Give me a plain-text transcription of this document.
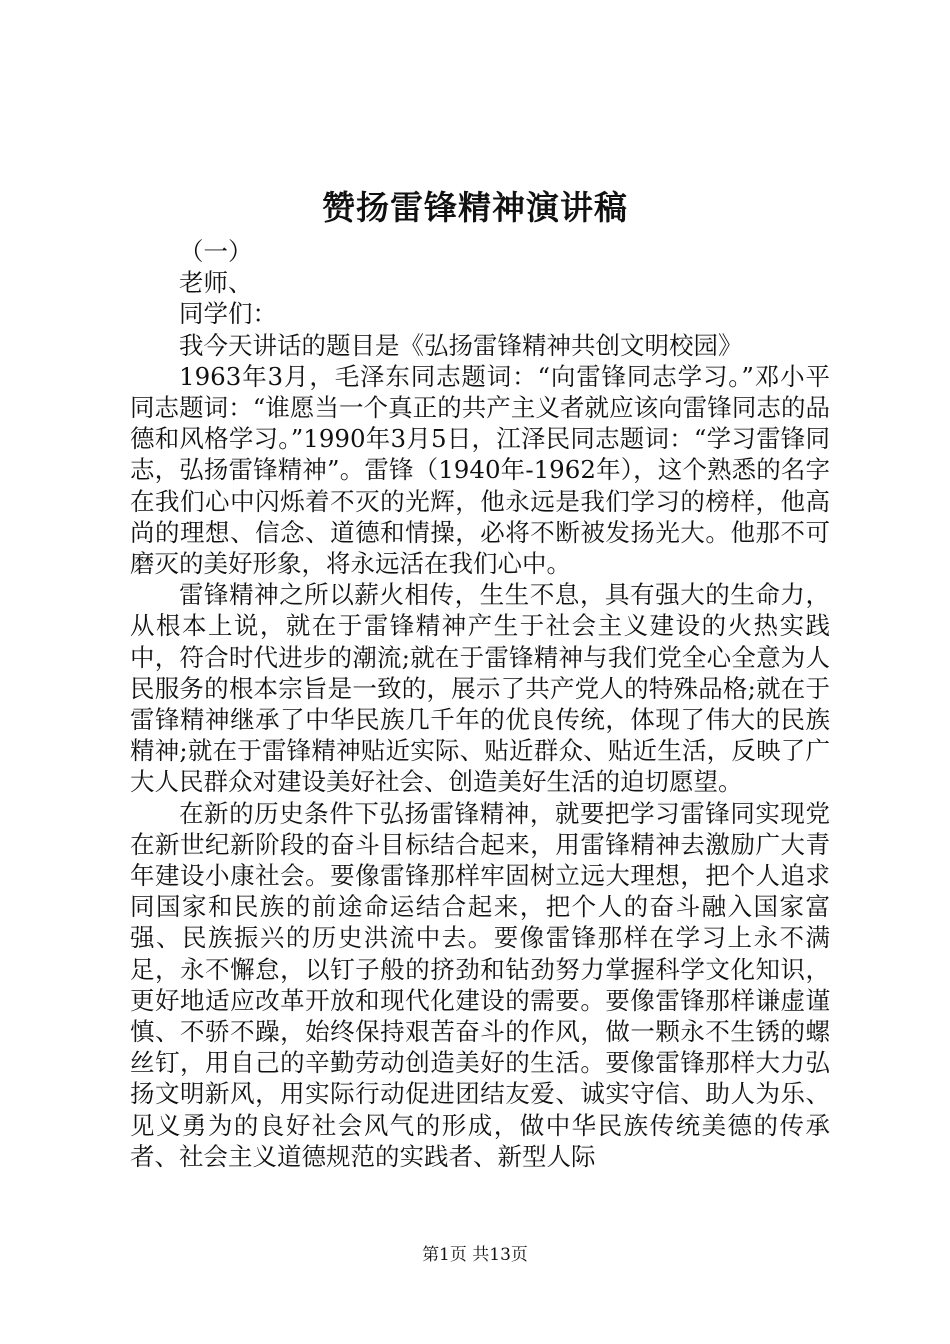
赞扬雷锋精神演讲稿

（一）

老师、

同学们：

我今天讲话的题目是《弘扬雷锋精神共创文明校园》

1963年3月，毛泽东同志题词：“向雷锋同志学习。”邓小平同志题词：“谁愿当一个真正的共产主义者就应该向雷锋同志的品德和风格学习。”1990年3月5日，江泽民同志题词：“学习雷锋同志，弘扬雷锋精神”。雷锋（1940年-1962年），这个熟悉的名字在我们心中闪烁着不灭的光辉，他永远是我们学习的榜样，他高尚的理想、信念、道德和情操，必将不断被发扬光大。他那不可磨灭的美好形象，将永远活在我们心中。

雷锋精神之所以薪火相传，生生不息，具有强大的生命力，从根本上说，就在于雷锋精神产生于社会主义建设的火热实践中，符合时代进步的潮流;就在于雷锋精神与我们党全心全意为人民服务的根本宗旨是一致的，展示了共产党人的特殊品格;就在于雷锋精神继承了中华民族几千年的优良传统，体现了伟大的民族精神;就在于雷锋精神贴近实际、贴近群众、贴近生活，反映了广大人民群众对建设美好社会、创造美好生活的迫切愿望。

在新的历史条件下弘扬雷锋精神，就要把学习雷锋同实现党在新世纪新阶段的奋斗目标结合起来，用雷锋精神去激励广大青年建设小康社会。要像雷锋那样牢固树立远大理想，把个人追求同国家和民族的前途命运结合起来，把个人的奋斗融入国家富强、民族振兴的历史洪流中去。要像雷锋那样在学习上永不满足，永不懈怠，以钉子般的挤劲和钻劲努力掌握科学文化知识，更好地适应改革开放和现代化建设的需要。要像雷锋那样谦虚谨慎、不骄不躁，始终保持艰苦奋斗的作风，做一颗永不生锈的螺丝钉，用自己的辛勤劳动创造美好的生活。要像雷锋那样大力弘扬文明新风，用实际行动促进团结友爱、诚实守信、助人为乐、见义勇为的良好社会风气的形成，做中华民族传统美德的传承者、社会主义道德规范的实践者、新型人际

第1页 共13页
